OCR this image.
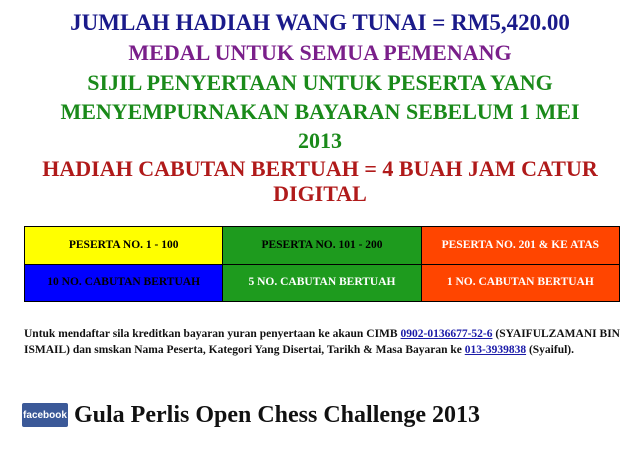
JUMLAH HADIAH WANG TUNAI = RM5,420.00
MEDAL UNTUK SEMUA PEMENANG
SIJIL PENYERTAAN UNTUK PESERTA YANG
MENYEMPURNAKAN BAYARAN SEBELUM 1 MEI
2013
HADIAH CABUTAN BERTUAH = 4 BUAH JAM CATUR
DIGITAL
PESERTA NO. 1 - 100	PESERTA NO. 101 - 200	PESERTA NO. 201 & KE ATAS
10 NO. CABUTAN BERTUAH	5 NO. CABUTAN BERTUAH	1 NO. CABUTAN BERTUAH
Untuk mendaftar sila kreditkan bayaran yuran penyertaan ke akaun CIMB 0902-0136677-52-6 (SYAIFULZAMANI BIN ISMAIL) dan smskan Nama Peserta, Kategori Yang Disertai, Tarikh & Masa Bayaran ke 013-3939838 (Syaiful).
facebook Gula Perlis Open Chess Challenge 2013
